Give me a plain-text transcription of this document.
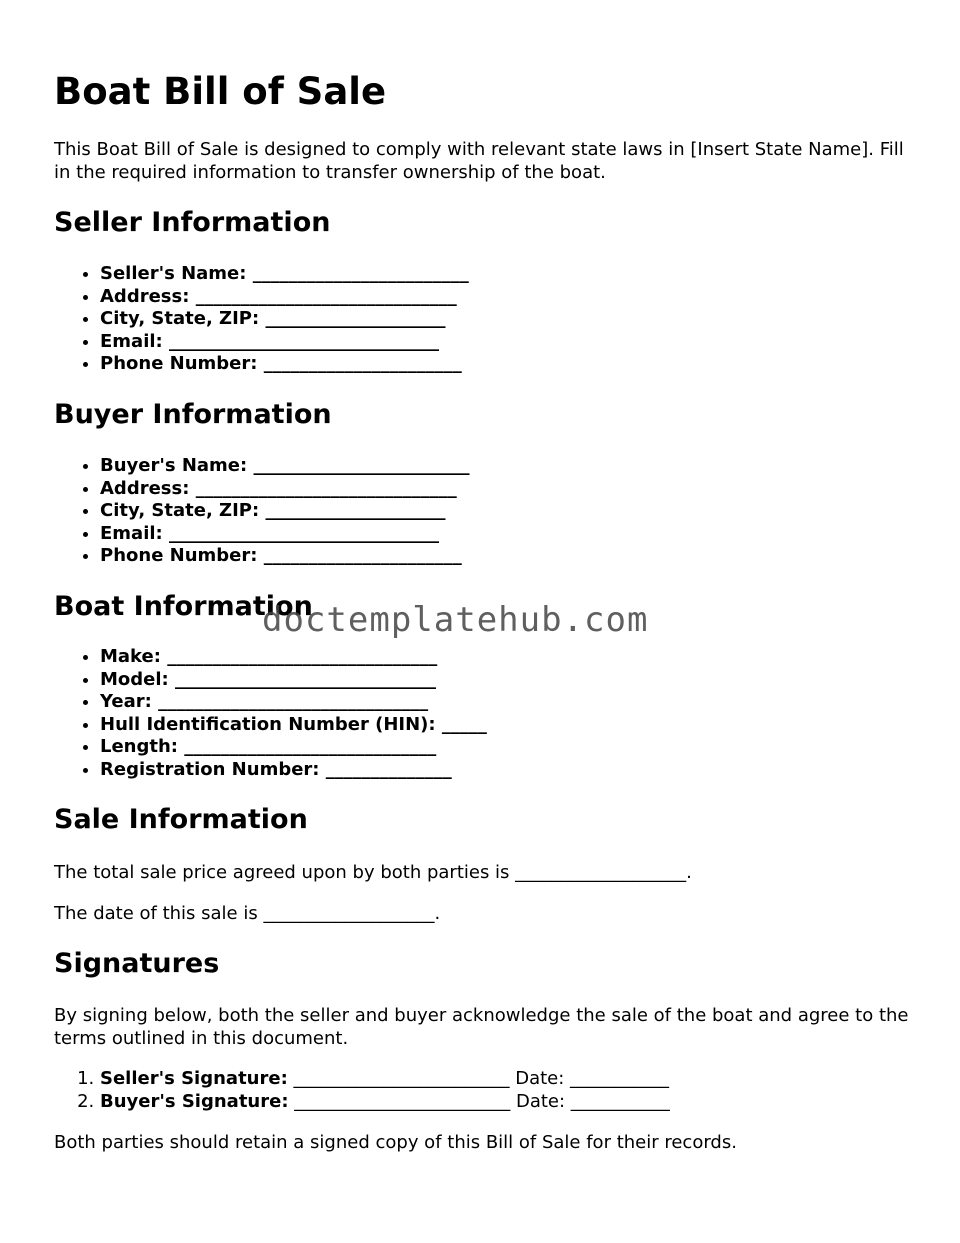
Boat Bill of Sale

This Boat Bill of Sale is designed to comply with relevant state laws in [Insert State Name]. Fill in the required information to transfer ownership of the boat.

Seller Information
• Seller's Name: ________________________
• Address: _____________________________
• City, State, ZIP: ____________________
• Email: ______________________________
• Phone Number: ______________________
Buyer Information
• Buyer's Name: ________________________
• Address: _____________________________
• City, State, ZIP: ____________________
• Email: ______________________________
• Phone Number: ______________________
Boat Information
• Make: ______________________________
• Model: _____________________________
• Year: ______________________________
• Hull Identification Number (HIN): _____
• Length: ____________________________
• Registration Number: ______________
Sale Information

The total sale price agreed upon by both parties is ___________________.

The date of this sale is ___________________.

Signatures

By signing below, both the seller and buyer acknowledge the sale of the boat and agree to the terms outlined in this document.

1. Seller's Signature: ________________________ Date: ___________
2. Buyer's Signature: ________________________ Date: ___________

Both parties should retain a signed copy of this Bill of Sale for their records.

doctemplatehub.com
